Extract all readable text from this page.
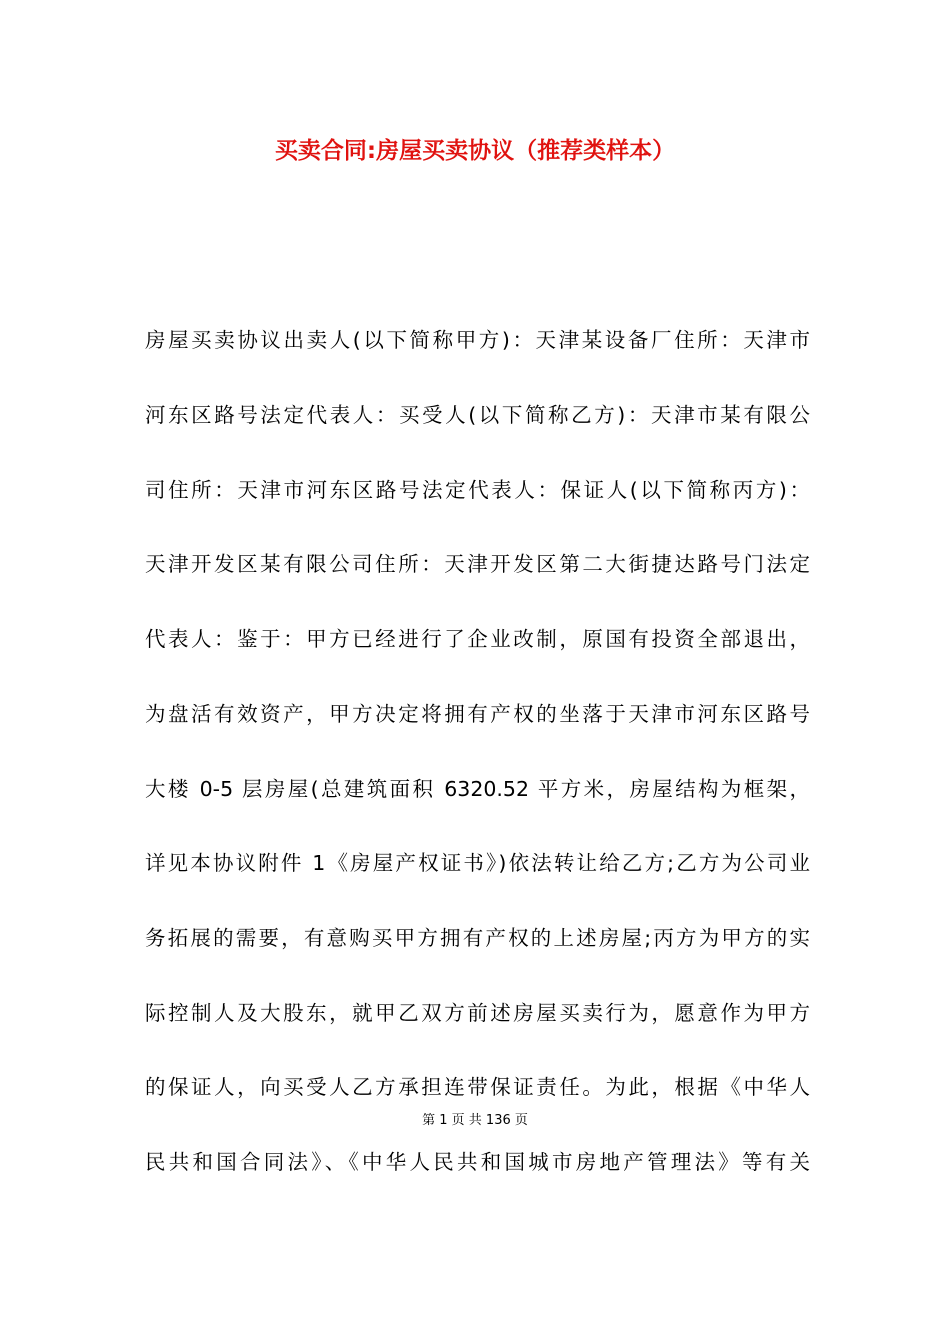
买卖合同:房屋买卖协议（推荐类样本）
房屋买卖协议出卖人(以下简称甲方)：天津某设备厂住所：天津市
河东区路号法定代表人：买受人(以下简称乙方)：天津市某有限公
司住所：天津市河东区路号法定代表人：保证人(以下简称丙方)：
天津开发区某有限公司住所：天津开发区第二大街捷达路号门法定
代表人：鉴于：甲方已经进行了企业改制，原国有投资全部退出，
为盘活有效资产，甲方决定将拥有产权的坐落于天津市河东区路号
大楼 0-5 层房屋(总建筑面积 6320.52 平方米，房屋结构为框架，
详见本协议附件 1《房屋产权证书》)依法转让给乙方;乙方为公司业
务拓展的需要，有意购买甲方拥有产权的上述房屋;丙方为甲方的实
际控制人及大股东，就甲乙双方前述房屋买卖行为，愿意作为甲方
的保证人，向买受人乙方承担连带保证责任。为此，根据《中华人
第 1 页 共 136 页
民共和国合同法》、《中华人民共和国城市房地产管理法》等有关
